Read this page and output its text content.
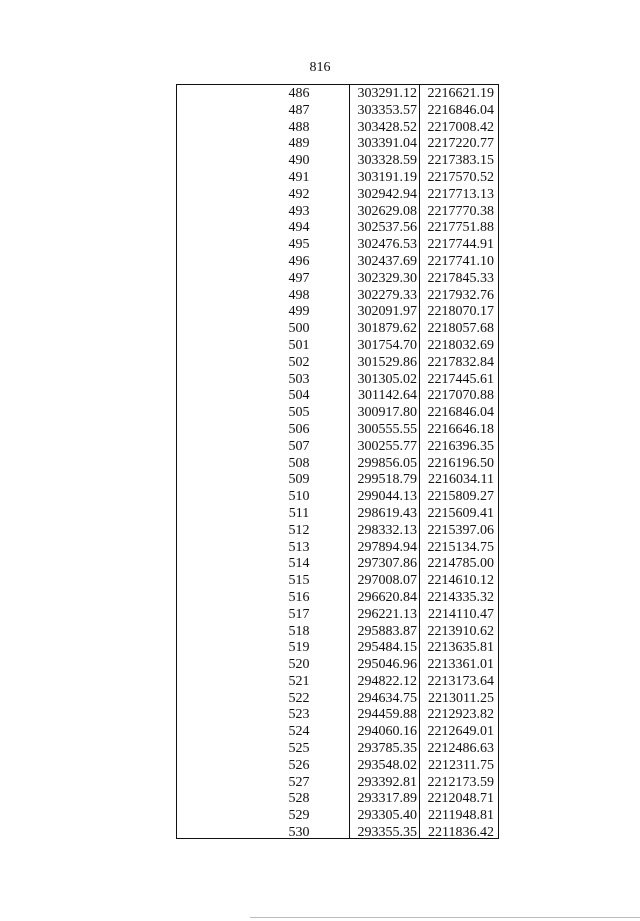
816
486	303291.12 2216621.19
487	303353.57 2216846.04
488	303428.52 2217008.42
489	303391.04 2217220.77
490	303328.59 2217383.15
491	303191.19 2217570.52
492	302942.94 2217713.13
493	302629.08 2217770.38
494	302537.56 2217751.88
495	302476.53 2217744.91
496	302437.69 2217741.10
497	302329.30 2217845.33
498	302279.33 2217932.76
499	302091.97 2218070.17
500	301879.62 2218057.68
501	301754.70 2218032.69
502	301529.86 2217832.84
503	301305.02 2217445.61
504	301142.64 2217070.88
505	300917.80 2216846.04
506	300555.55 2216646.18
507	300255.77 2216396.35
508	299856.05 2216196.50
509	299518.79 2216034.11
510	299044.13 2215809.27
511	298619.43 2215609.41
512	298332.13 2215397.06
513	297894.94 2215134.75
514	297307.86 2214785.00
515	297008.07 2214610.12
516	296620.84 2214335.32
517	296221.13 2214110.47
518	295883.87 2213910.62
519	295484.15 2213635.81
520	295046.96 2213361.01
521	294822.12 2213173.64
522	294634.75 2213011.25
523	294459.88 2212923.82
524	294060.16 2212649.01
525	293785.35 2212486.63
526	293548.02 2212311.75
527	293392.81 2212173.59
528	293317.89 2212048.71
529	293305.40 2211948.81
530	293355.35 2211836.42
